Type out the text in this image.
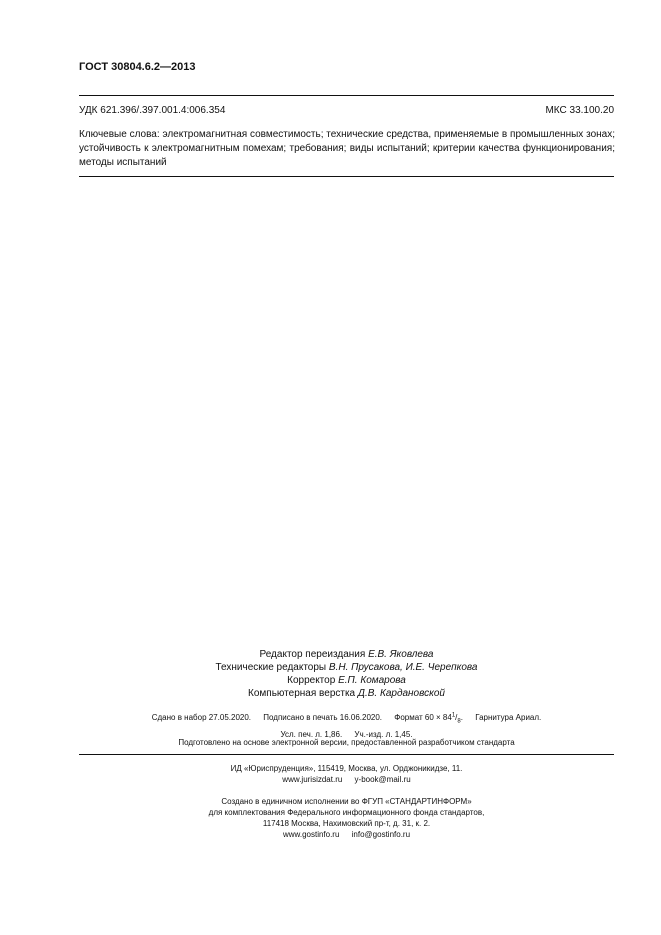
ГОСТ 30804.6.2—2013
УДК 621.396/.397.001.4:006.354	МКС 33.100.20
Ключевые слова: электромагнитная совместимость; технические средства, применяемые в промышленных зонах; устойчивость к электромагнитным помехам; требования; виды испытаний; критерии качества функционирования; методы испытаний
Редактор переиздания Е.В. Яковлева
Технические редакторы В.Н. Прусакова, И.Е. Черепкова
Корректор Е.П. Комарова
Компьютерная верстка Д.В. Кардановской
Сдано в набор 27.05.2020. Подписано в печать 16.06.2020. Формат $60 \times 84^1/_8$. Гарнитура Ариал.
Усл. печ. л. 1,86. Уч.-изд. л. 1,45.
Подготовлено на основе электронной версии, предоставленной разработчиком стандарта
ИД «Юриспруденция», 115419, Москва, ул. Орджоникидзе, 11.
www.jurisizdat.ru y-book@mail.ru
Создано в единичном исполнении во ФГУП «СТАНДАРТИНФОРМ»
для комплектования Федерального информационного фонда стандартов,
117418 Москва, Нахимовский пр-т, д. 31, к. 2.
www.gostinfo.ru info@gostinfo.ru
